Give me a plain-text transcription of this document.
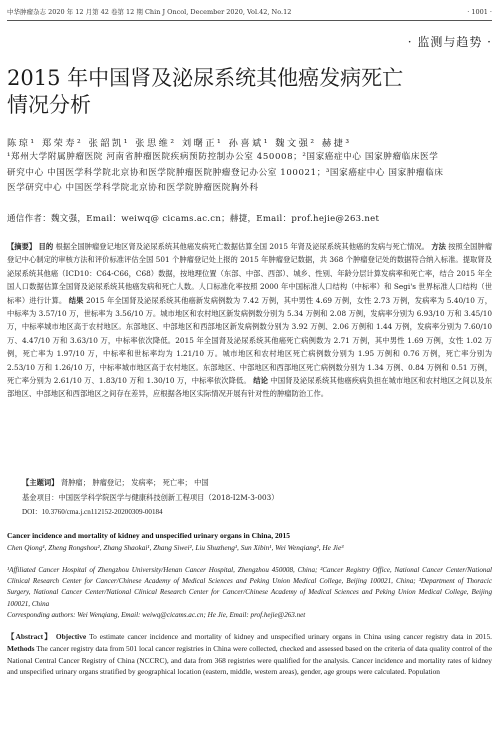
中华肿瘤杂志 2020 年 12 月第 42 卷第 12 期 Chin J Oncol, December 2020, Vol.42, No.12	· 1001 ·
· 监测与趋势 ·
2015 年中国肾及泌尿系统其他癌发病死亡情况分析
陈琼¹ 郑荣寿² 张韶凯¹ 张思维² 刘曙正¹ 孙喜斌¹ 魏文强² 赫捷³
¹郑州大学附属肿瘤医院 河南省肿瘤医院疾病预防控制办公室 450008；²国家癌症中心 国家肿瘤临床医学研究中心 中国医学科学院北京协和医学院肿瘤医院肿瘤登记办公室 100021；³国家癌症中心 国家肿瘤临床医学研究中心 中国医学科学院北京协和医学院肿瘤医院胸外科
通信作者：魏文强，Email：weiwq@ cicams.ac.cn；赫捷，Email：prof.hejie@263.net
【摘要】 目的 根据全国肿瘤登记地区肾及泌尿系统其他癌发病死亡数据估算全国 2015 年肾及泌尿系统其他癌的发病与死亡情况。 方法 按照全国肿瘤登记中心制定的审核方法和评价标准评估全国 501 个肿瘤登记处上报的 2015 年肿瘤登记数据，共 368 个肿瘤登记处的数据符合纳入标准。提取肾及泌尿系统其他癌（ICD10：C64-C66，C68）数据，按地理位置（东部、中部、西部）、城乡、性别、年龄分层计算发病率和死亡率，结合 2015 年全国人口数据估算全国肾及泌尿系统其他癌发病和死亡人数。人口标准化率按照 2000 年中国标准人口结构（中标率）和 Segi's 世界标准人口结构（世标率）进行计算。 结果 2015 年全国肾及泌尿系统其他癌新发病例数为 7.42 万例，其中男性 4.69 万例，女性 2.73 万例，发病率为 5.40/10 万，中标率为 3.57/10 万，世标率为 3.56/10 万。城市地区和农村地区新发病例数分别为 5.34 万例和 2.08 万例，发病率分别为 6.93/10 万和 3.45/10 万，中标率城市地区高于农村地区。东部地区、中部地区和西部地区新发病例数分别为 3.92 万例、2.06 万例和 1.44 万例，发病率分别为 7.60/10 万、4.47/10 万和 3.63/10 万，中标率依次降低。2015 年全国肾及泌尿系统其他癌死亡病例数为 2.71 万例，其中男性 1.69 万例，女性 1.02 万例，死亡率为 1.97/10 万，中标率和世标率均为 1.21/10 万。城市地区和农村地区死亡病例数分别为 1.95 万例和 0.76 万例，死亡率分别为 2.53/10 万和 1.26/10 万，中标率城市地区高于农村地区。东部地区、中部地区和西部地区死亡病例数分别为 1.34 万例、0.84 万例和 0.51 万例，死亡率分别为 2.61/10 万、1.83/10 万和 1.30/10 万，中标率依次降低。 结论 中国肾及泌尿系统其他癌疾病负担在城市地区和农村地区之间以及东部地区、中部地区和西部地区之间存在差异，应根据各地区实际情况开展有针对性的肿瘤防治工作。
【主题词】 肾肿瘤； 肿瘤登记； 发病率； 死亡率； 中国
基金项目：中国医学科学院医学与健康科技创新工程项目（2018-I2M-3-003）
DOI：10.3760/cma.j.cn112152-20200309-00184
Cancer incidence and mortality of kidney and unspecified urinary organs in China, 2015
Chen Qiong¹, Zheng Rongshou², Zhang Shaokai¹, Zhang Siwei², Liu Shuzheng¹, Sun Xibin¹, Wei Wenqiang², He Jie³
¹Affiliated Cancer Hospital of Zhengzhou University/Henan Cancer Hospital, Zhengzhou 450008, China; ²Cancer Registry Office, National Cancer Center/National Clinical Research Center for Cancer/Chinese Academy of Medical Sciences and Peking Union Medical College, Beijing 100021, China; ³Department of Thoracic Surgery, National Cancer Center/National Clinical Research Center for Cancer/Chinese Academy of Medical Sciences and Peking Union Medical College, Beijing 100021, China
Corresponding authors: Wei Wenqiang, Email: weiwq@cicams.ac.cn; He Jie, Email: prof.hejie@263.net
【Abstract】 Objective To estimate cancer incidence and mortality of kidney and unspecified urinary organs in China using cancer registry data in 2015. Methods The cancer registry data from 501 local cancer registries in China were collected, checked and assessed based on the criteria of data quality control of the National Central Cancer Registry of China (NCCRC), and data from 368 registries were qualified for the analysis. Cancer incidence and mortality rates of kidney and unspecified urinary organs stratified by geographical location (eastern, middle, western areas), gender, age groups were calculated. Population
